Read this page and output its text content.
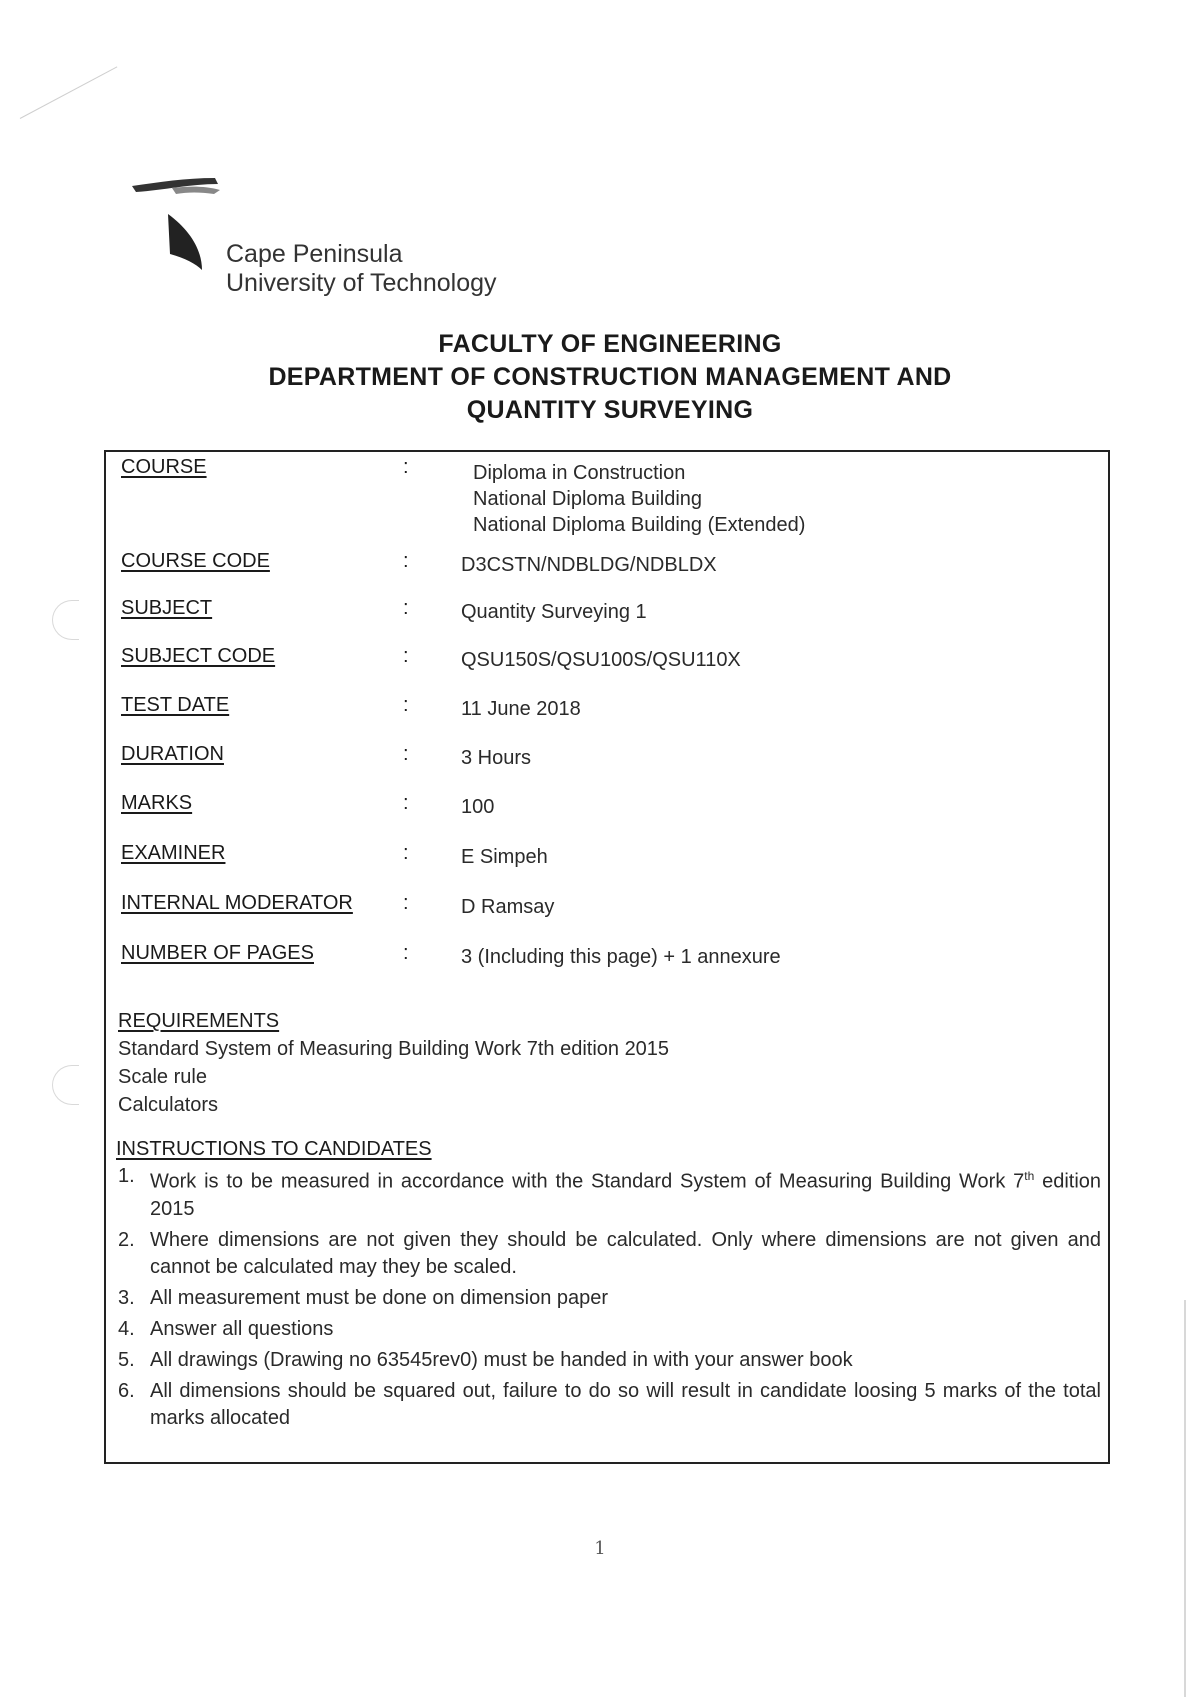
Cape Peninsula
University of Technology
FACULTY OF ENGINEERING
DEPARTMENT OF CONSTRUCTION MANAGEMENT AND
QUANTITY SURVEYING
COURSE	:	Diploma in Construction
National Diploma Building
National Diploma Building (Extended)
COURSE CODE	:	D3CSTN/NDBLDG/NDBLDX
SUBJECT	:	Quantity Surveying 1
SUBJECT CODE	:	QSU150S/QSU100S/QSU110X
TEST DATE	:	11 June 2018
DURATION	:	3 Hours
MARKS	:	100
EXAMINER	:	E Simpeh
INTERNAL MODERATOR	:	D Ramsay
NUMBER OF PAGES	:	3 (Including this page) + 1 annexure
REQUIREMENTS
Standard System of Measuring Building Work 7th edition 2015
Scale rule
Calculators
INSTRUCTIONS TO CANDIDATES
1. Work is to be measured in accordance with the Standard System of Measuring Building Work 7th edition 2015
2. Where dimensions are not given they should be calculated. Only where dimensions are not given and cannot be calculated may they be scaled.
3. All measurement must be done on dimension paper
4. Answer all questions
5. All drawings (Drawing no 63545rev0) must be handed in with your answer book
6. All dimensions should be squared out, failure to do so will result in candidate loosing 5 marks of the total marks allocated
1
